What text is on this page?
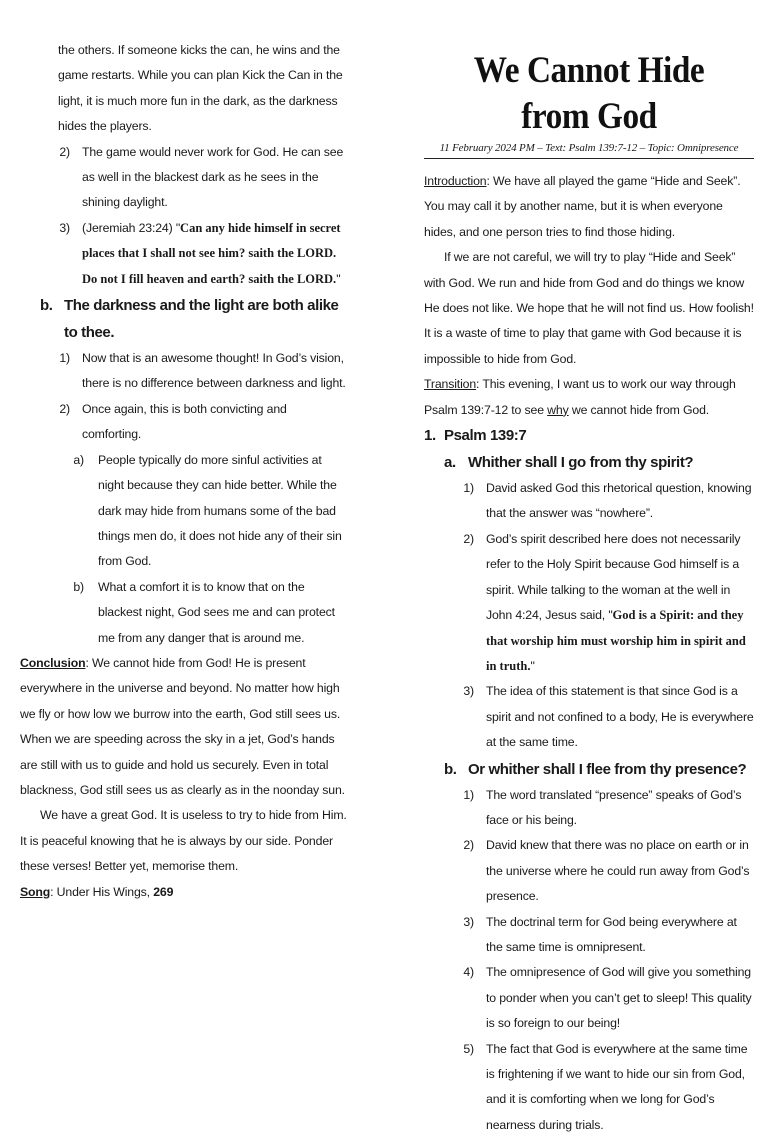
the others. If someone kicks the can, he wins and the game restarts. While you can plan Kick the Can in the light, it is much more fun in the dark, as the darkness hides the players.
2) The game would never work for God. He can see as well in the blackest dark as he sees in the shining daylight.
3) (Jeremiah 23:24) "Can any hide himself in secret places that I shall not see him? saith the LORD. Do not I fill heaven and earth? saith the LORD."
b. The darkness and the light are both alike to thee.
1) Now that is an awesome thought! In God’s vision, there is no difference between darkness and light.
2) Once again, this is both convicting and comforting.
a) People typically do more sinful activities at night because they can hide better. While the dark may hide from humans some of the bad things men do, it does not hide any of their sin from God.
b) What a comfort it is to know that on the blackest night, God sees me and can protect me from any danger that is around me.

Conclusion: We cannot hide from God! He is present everywhere in the universe and beyond. No matter how high we fly or how low we burrow into the earth, God still sees us. When we are speeding across the sky in a jet, God’s hands are still with us to guide and hold us securely. Even in total blackness, God still sees us as clearly as in the noonday sun.

We have a great God. It is useless to try to hide from Him. It is peaceful knowing that he is always by our side. Ponder these verses! Better yet, memorise them.

Song: Under His Wings, 269

We Cannot Hide from God
11 February 2024 PM – Text: Psalm 139:7-12 – Topic: Omnipresence

Introduction: We have all played the game “Hide and Seek”. You may call it by another name, but it is when everyone hides, and one person tries to find those hiding.

If we are not careful, we will try to play “Hide and Seek” with God. We run and hide from God and do things we know He does not like. We hope that he will not find us. How foolish! It is a waste of time to play that game with God because it is impossible to hide from God.

Transition: This evening, I want us to work our way through Psalm 139:7-12 to see why we cannot hide from God.

1. Psalm 139:7
a. Whither shall I go from thy spirit?
1) David asked God this rhetorical question, knowing that the answer was “nowhere”.
2) God’s spirit described here does not necessarily refer to the Holy Spirit because God himself is a spirit. While talking to the woman at the well in John 4:24, Jesus said, "God is a Spirit: and they that worship him must worship him in spirit and in truth."
3) The idea of this statement is that since God is a spirit and not confined to a body, He is everywhere at the same time.
b. Or whither shall I flee from thy presence?
1) The word translated “presence” speaks of God’s face or his being.
2) David knew that there was no place on earth or in the universe where he could run away from God’s presence.
3) The doctrinal term for God being everywhere at the same time is omnipresent.
4) The omnipresence of God will give you something to ponder when you can’t get to sleep! This quality is so foreign to our being!
5) The fact that God is everywhere at the same time is frightening if we want to hide our sin from God, and it is comforting when we long for God’s nearness during trials.
